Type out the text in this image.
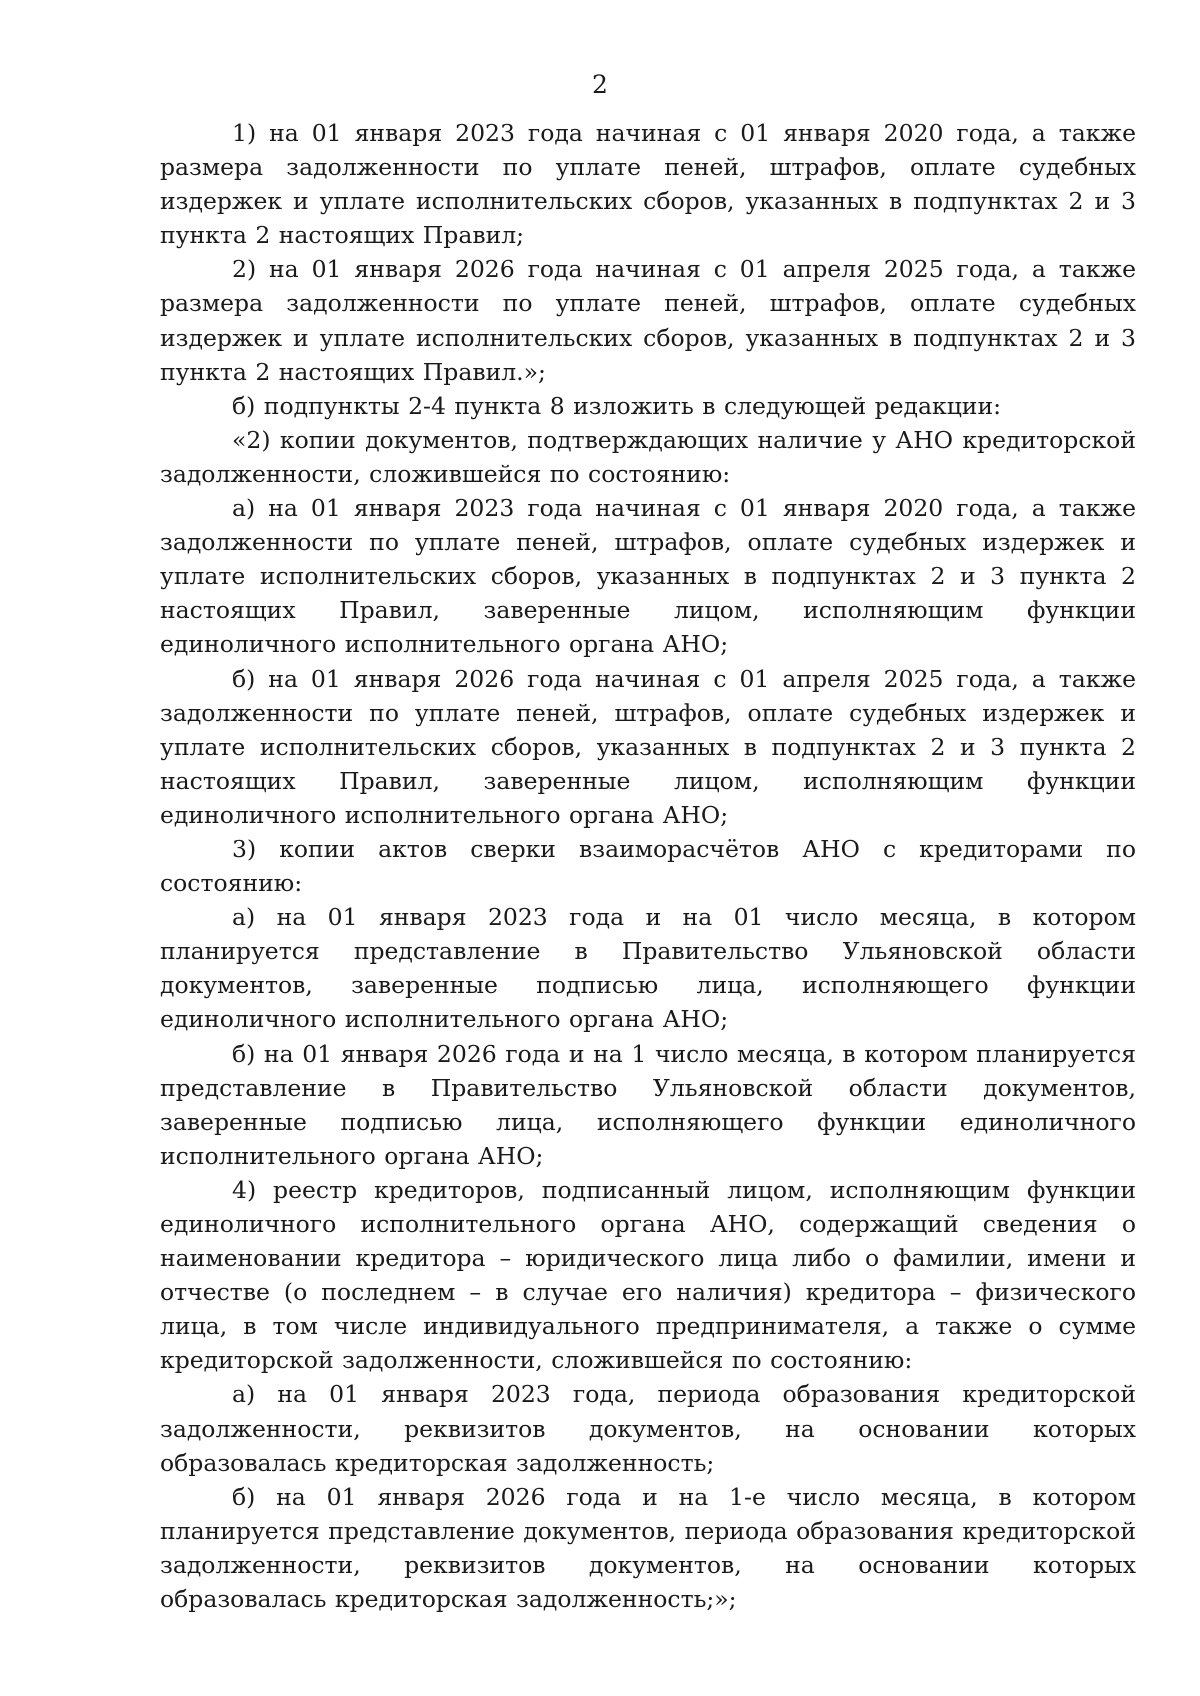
2

1) на 01 января 2023 года начиная с 01 января 2020 года, а также размера задолженности по уплате пеней, штрафов, оплате судебных издержек и уплате исполнительских сборов, указанных в подпунктах 2 и 3 пункта 2 настоящих Правил;

2) на 01 января 2026 года начиная с 01 апреля 2025 года, а также размера задолженности по уплате пеней, штрафов, оплате судебных издержек и уплате исполнительских сборов, указанных в подпунктах 2 и 3 пункта 2 настоящих Правил.»;

б) подпункты 2-4 пункта 8 изложить в следующей редакции:

«2) копии документов, подтверждающих наличие у АНО кредиторской задолженности, сложившейся по состоянию:

а) на 01 января 2023 года начиная с 01 января 2020 года, а также задолженности по уплате пеней, штрафов, оплате судебных издержек и уплате исполнительских сборов, указанных в подпунктах 2 и 3 пункта 2 настоящих Правил, заверенные лицом, исполняющим функции единоличного исполнительного органа АНО;

б) на 01 января 2026 года начиная с 01 апреля 2025 года, а также задолженности по уплате пеней, штрафов, оплате судебных издержек и уплате исполнительских сборов, указанных в подпунктах 2 и 3 пункта 2 настоящих Правил, заверенные лицом, исполняющим функции единоличного исполнительного органа АНО;

3) копии актов сверки взаиморасчётов АНО с кредиторами по состоянию:

а) на 01 января 2023 года и на 01 число месяца, в котором планируется представление в Правительство Ульяновской области документов, заверенные подписью лица, исполняющего функции единоличного исполнительного органа АНО;

б) на 01 января 2026 года и на 1 число месяца, в котором планируется представление в Правительство Ульяновской области документов, заверенные подписью лица, исполняющего функции единоличного исполнительного органа АНО;

4) реестр кредиторов, подписанный лицом, исполняющим функции единоличного исполнительного органа АНО, содержащий сведения о наименовании кредитора – юридического лица либо о фамилии, имени и отчестве (о последнем – в случае его наличия) кредитора – физического лица, в том числе индивидуального предпринимателя, а также о сумме кредиторской задолженности, сложившейся по состоянию:

а) на 01 января 2023 года, периода образования кредиторской задолженности, реквизитов документов, на основании которых образовалась кредиторская задолженность;

б) на 01 января 2026 года и на 1-е число месяца, в котором планируется представление документов, периода образования кредиторской задолженности, реквизитов документов, на основании которых образовалась кредиторская задолженность;»;
